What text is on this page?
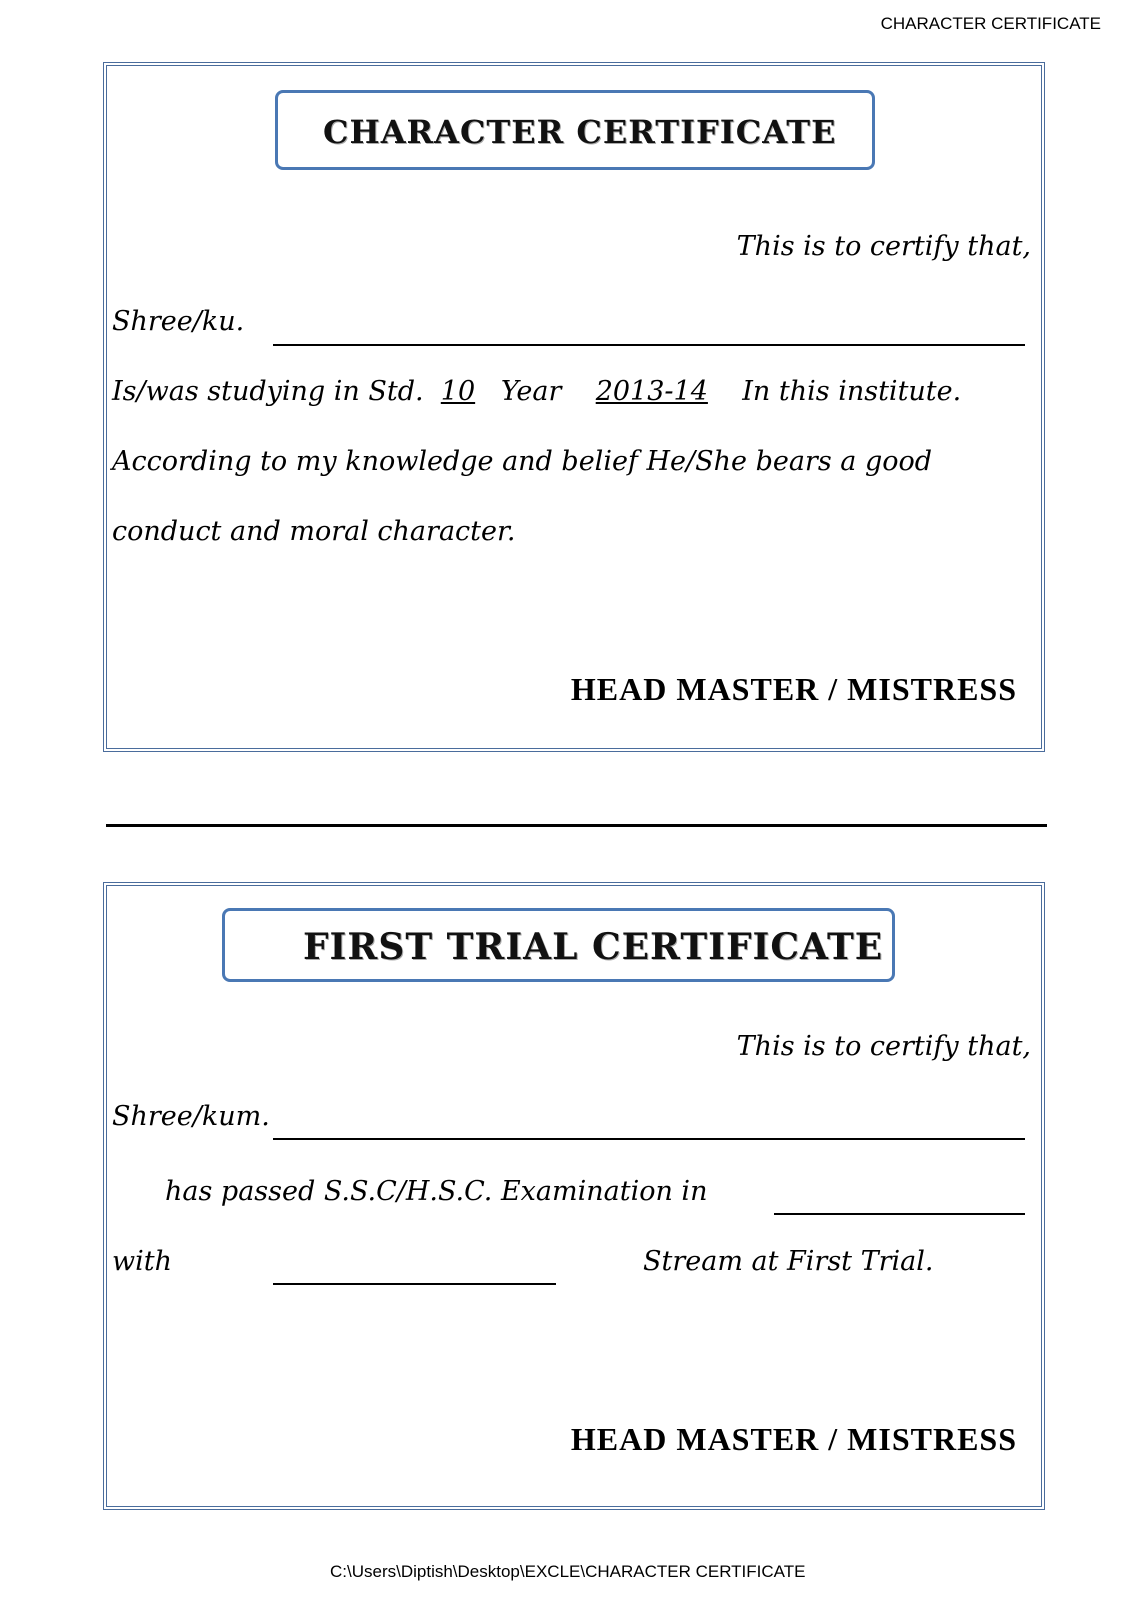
CHARACTER CERTIFICATE
CHARACTER CERTIFICATE
This is to certify that,
Shree/ku.
Is/was studying in Std. 10 Year 2013-14 In this institute.
According to my knowledge and belief He/She bears a good
conduct and moral character.
HEAD MASTER / MISTRESS
FIRST TRIAL CERTIFICATE
This is to certify that,
Shree/kum.
has passed S.S.C/H.S.C. Examination in
with	Stream at First Trial.
HEAD MASTER / MISTRESS
C:\Users\Diptish\Desktop\EXCLE\CHARACTER CERTIFICATE
